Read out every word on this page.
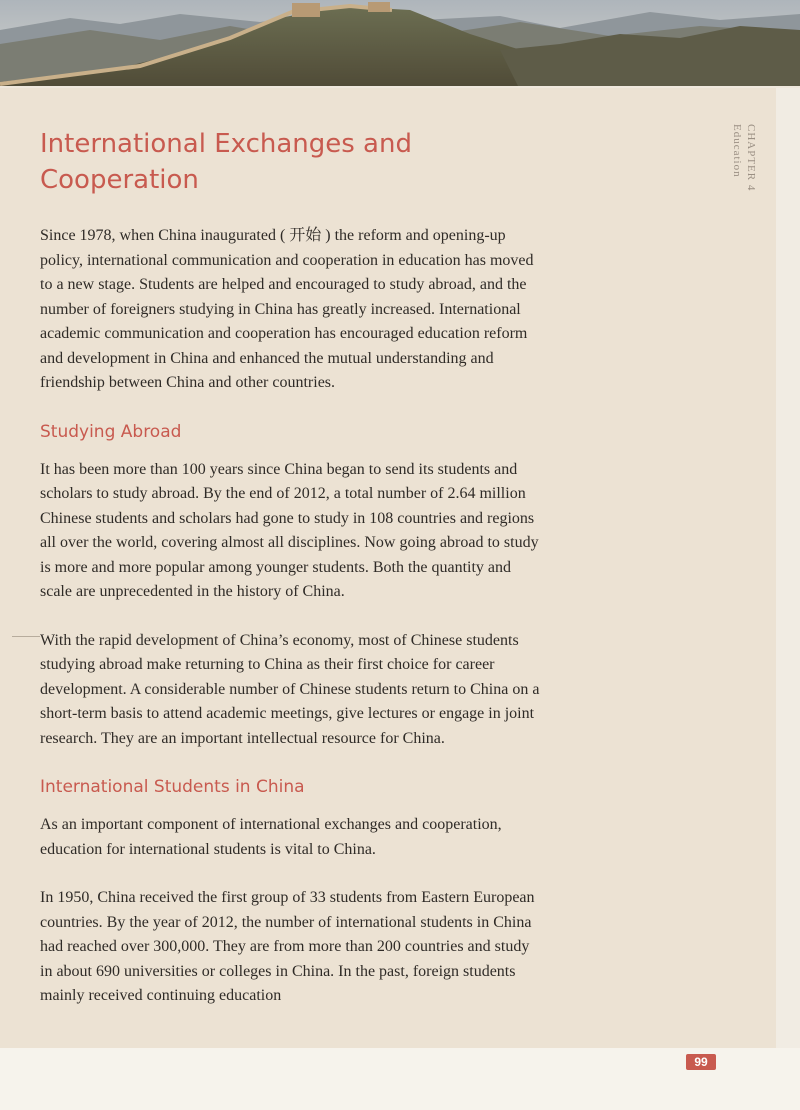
CHAPTER 4
Education
International Exchanges and Cooperation

Since 1978, when China inaugurated ( 开始 ) the reform and opening-up policy, international communication and cooperation in education has moved to a new stage. Students are helped and encouraged to study abroad, and the number of foreigners studying in China has greatly increased. International academic communication and cooperation has encouraged education reform and development in China and enhanced the mutual understanding and friendship between China and other countries.

Studying Abroad

It has been more than 100 years since China began to send its students and scholars to study abroad. By the end of 2012, a total number of 2.64 million Chinese students and scholars had gone to study in 108 countries and regions all over the world, covering almost all disciplines. Now going abroad to study is more and more popular among younger students. Both the quantity and scale are unprecedented in the history of China.

With the rapid development of China’s economy, most of Chinese students studying abroad make returning to China as their first choice for career development. A considerable number of Chinese students return to China on a short-term basis to attend academic meetings, give lectures or engage in joint research. They are an important intellectual resource for China.

International Students in China

As an important component of international exchanges and cooperation, education for international students is vital to China.

In 1950, China received the first group of 33 students from Eastern European countries. By the year of 2012, the number of international students in China had reached over 300,000. They are from more than 200 countries and study in about 690 universities or colleges in China. In the past, foreign students mainly received continuing education

99
